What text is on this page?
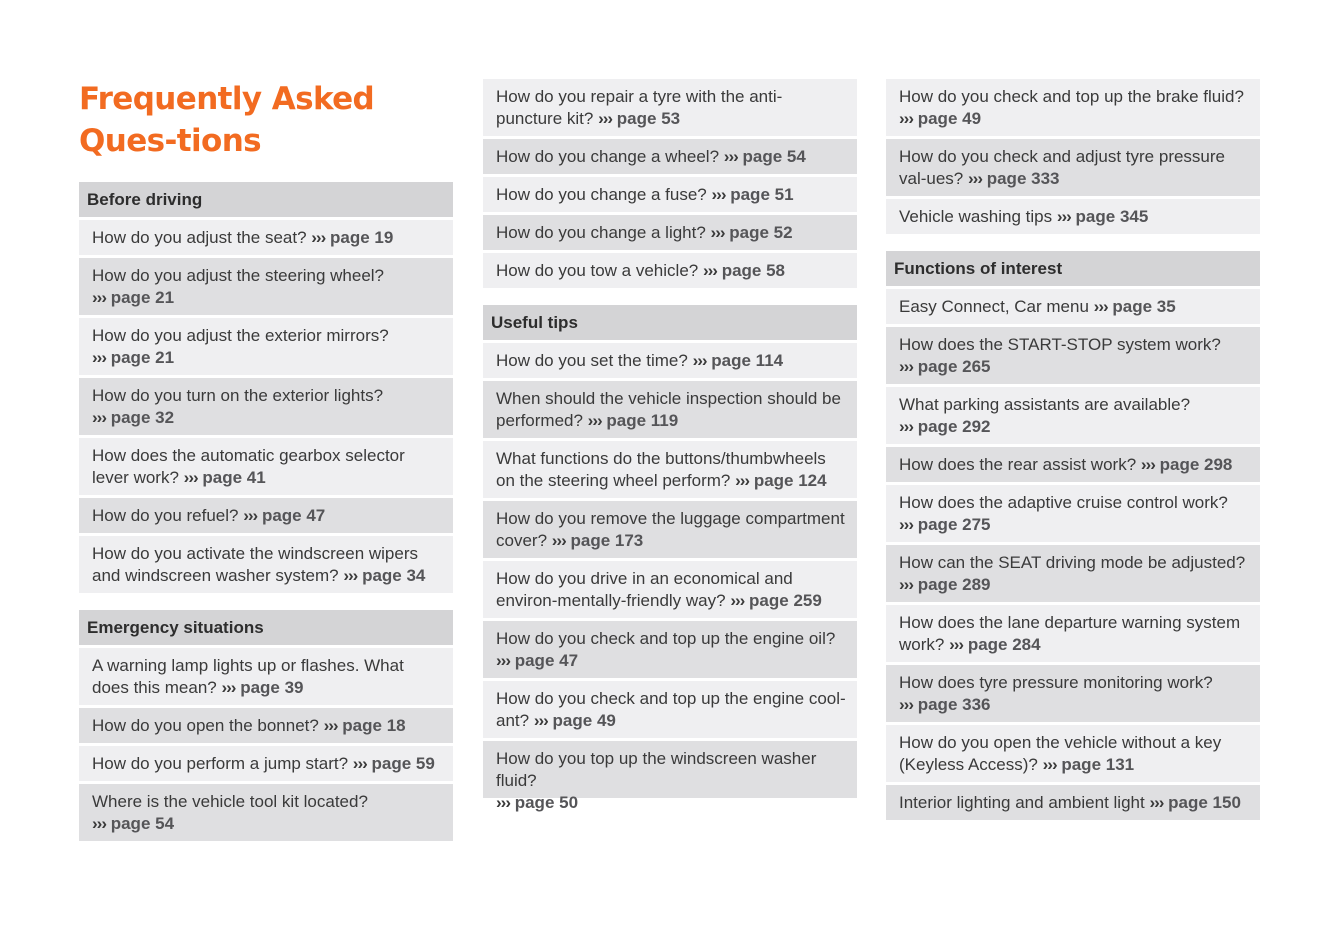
Frequently Asked Ques-tions
Before driving
How do you adjust the seat? ››› page 19
How do you adjust the steering wheel?
››› page 21
How do you adjust the exterior mirrors?
››› page 21
How do you turn on the exterior lights?
››› page 32
How does the automatic gearbox selector lever work? ››› page 41
How do you refuel? ››› page 47
How do you activate the windscreen wipers and windscreen washer system? ››› page 34
Emergency situations
A warning lamp lights up or flashes. What does this mean? ››› page 39
How do you open the bonnet? ››› page 18
How do you perform a jump start? ››› page 59
Where is the vehicle tool kit located?
››› page 54
How do you repair a tyre with the anti-puncture kit? ››› page 53
How do you change a wheel? ››› page 54
How do you change a fuse? ››› page 51
How do you change a light? ››› page 52
How do you tow a vehicle? ››› page 58
Useful tips
How do you set the time? ››› page 114
When should the vehicle inspection should be performed? ››› page 119
What functions do the buttons/thumbwheels on the steering wheel perform? ››› page 124
How do you remove the luggage compartment cover? ››› page 173
How do you drive in an economical and environ-mentally-friendly way? ››› page 259
How do you check and top up the engine oil?
››› page 47
How do you check and top up the engine cool-ant? ››› page 49
How do you top up the windscreen washer fluid?
››› page 50
How do you check and top up the brake fluid?
››› page 49
How do you check and adjust tyre pressure val-ues? ››› page 333
Vehicle washing tips ››› page 345
Functions of interest
Easy Connect, Car menu ››› page 35
How does the START-STOP system work?
››› page 265
What parking assistants are available?
››› page 292
How does the rear assist work? ››› page 298
How does the adaptive cruise control work?
››› page 275
How can the SEAT driving mode be adjusted?
››› page 289
How does the lane departure warning system work? ››› page 284
How does tyre pressure monitoring work?
››› page 336
How do you open the vehicle without a key (Keyless Access)? ››› page 131
Interior lighting and ambient light ››› page 150
